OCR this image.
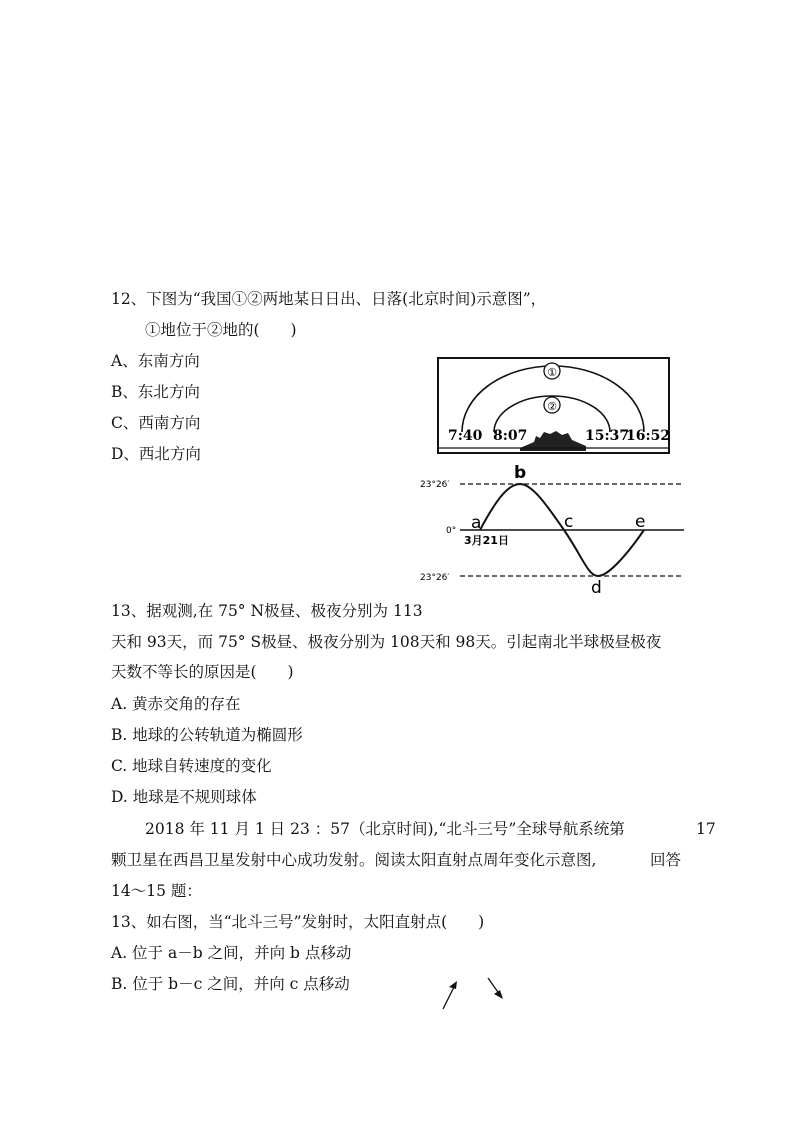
12、下图为“我国①②两地某日日出、日落(北京时间)示意图”，
①地位于②地的(　　)
A、东南方向
B、东北方向
C、西南方向
D、西北方向
①
②
7:40 8:07	15:37
16:52
23°26′
0°
23°26′
3月21日
a
b
c
d
e
13、据观测,在 75° N极昼、极夜分别为 113
天和 93天，而 75° S极昼、极夜分别为 108天和 98天。引起南北半球极昼极夜
天数不等长的原因是(　　)
A. 黄赤交角的存在
B. 地球的公转轨道为椭圆形
C. 地球自转速度的变化
D. 地球是不规则球体
2018 年 11 月 1 日 23 ：57（北京时间),“北斗三号”全球导航系统第	17
颗卫星在西昌卫星发射中心成功发射。阅读太阳直射点周年变化示意图,	回答
14～15 题：
13、如右图，当“北斗三号”发射时，太阳直射点(　　)
A. 位于 a－b 之间，并向 b 点移动
B. 位于 b－c 之间，并向 c 点移动
